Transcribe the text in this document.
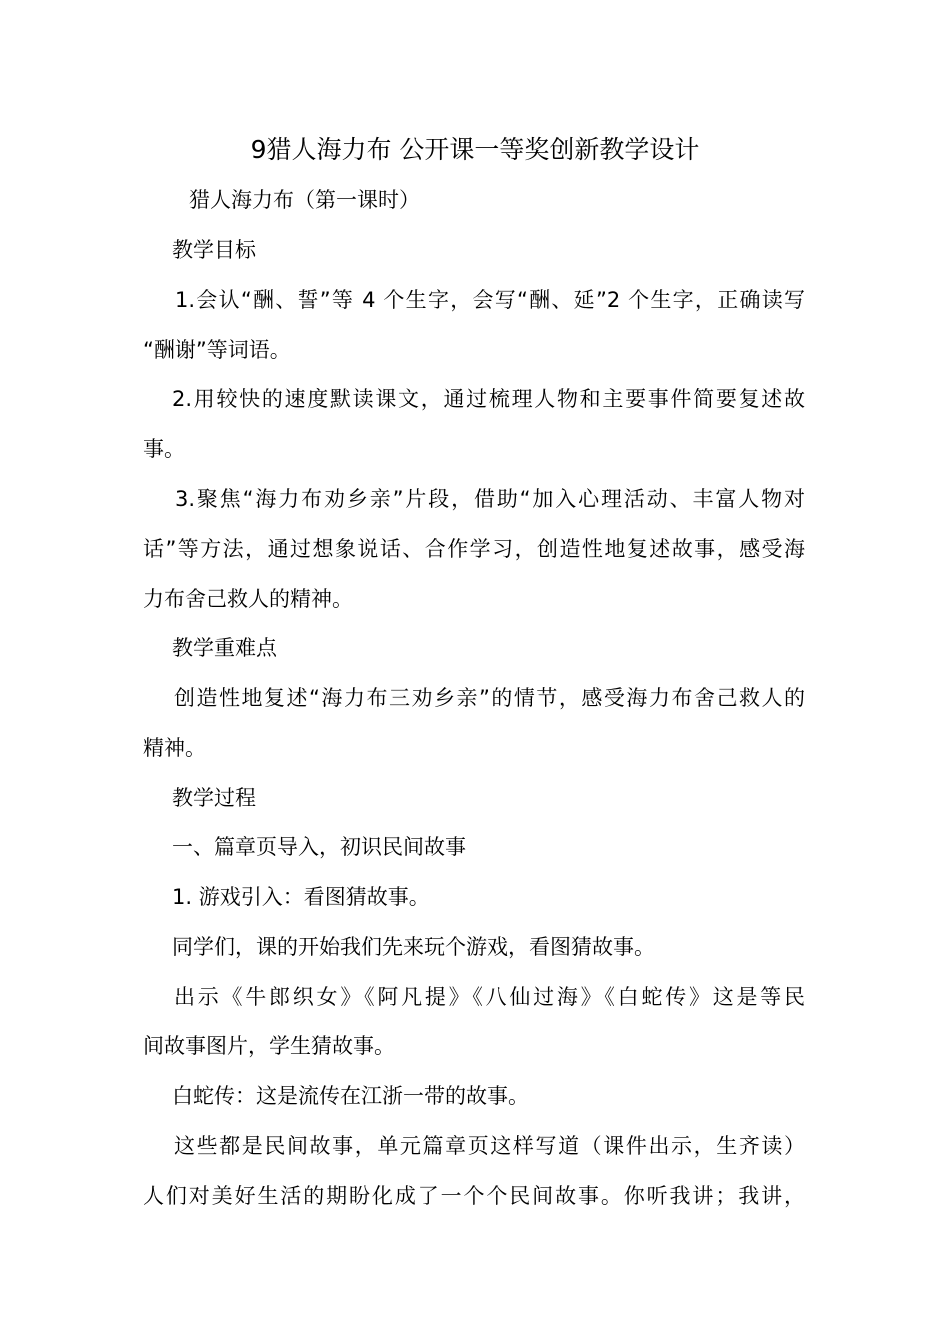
9猎人海力布 公开课一等奖创新教学设计
猎人海力布（第一课时）
教学目标
1.会认“酬、誓”等 4 个生字，会写“酬、延”2 个生字，正确读写
“酬谢”等词语。
2.用较快的速度默读课文，通过梳理人物和主要事件简要复述故
事。
3.聚焦“海力布劝乡亲”片段，借助“加入心理活动、丰富人物对
话”等方法，通过想象说话、合作学习，创造性地复述故事，感受海
力布舍己救人的精神。
教学重难点
创造性地复述“海力布三劝乡亲”的情节，感受海力布舍己救人的
精神。
教学过程
一、篇章页导入，初识民间故事
1. 游戏引入：看图猜故事。
同学们，课的开始我们先来玩个游戏，看图猜故事。
出示《牛郎织女》《阿凡提》《八仙过海》《白蛇传》这是等民
间故事图片，学生猜故事。
白蛇传：这是流传在江浙一带的故事。
这些都是民间故事，单元篇章页这样写道（课件出示，生齐读）
人们对美好生活的期盼化成了一个个民间故事。你听我讲；我讲，
